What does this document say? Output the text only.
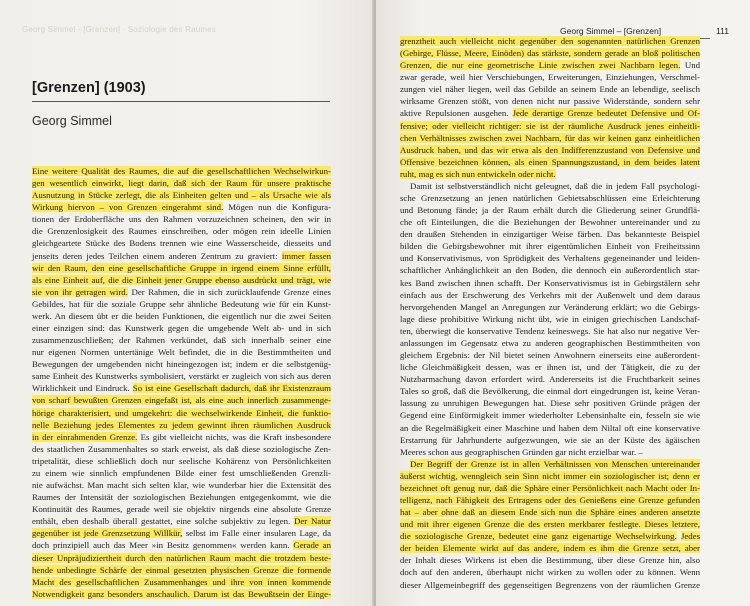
Georg Simmel · [Grenzen] · Soziologie des Raumes
[Grenzen] (1903)
Georg Simmel
Eine weitere Qualität des Raumes, die auf die gesellschaftlichen Wechselwirkun-
gen wesentlich einwirkt, liegt darin, daß sich der Raum für unsere praktische
Ausnutzung in Stücke zerlegt, die als Einheiten gelten und – als Ursache wie als
Wirkung hiervon – von Grenzen eingerahmt sind. Mögen nun die Konfigura-
tionen der Erdoberfläche uns den Rahmen vorzuzeichnen scheinen, den wir in
die Grenzenlosigkeit des Raumes einschreiben, oder mögen rein ideelle Linien
gleichgeartete Stücke des Bodens trennen wie eine Wasserscheide, diesseits und
jenseits deren jedes Teilchen einem anderen Zentrum zu graviert: immer fassen
wir den Raum, den eine gesellschaftliche Gruppe in irgend einem Sinne erfüllt,
als eine Einheit auf, die die Einheit jener Gruppe ebenso ausdrückt und trägt, wie
sie von ihr getragen wird. Der Rahmen, die in sich zurücklaufende Grenze eines
Gebildes, hat für die soziale Gruppe sehr ähnliche Bedeutung wie für ein Kunst-
werk. An diesem übt er die beiden Funktionen, die eigentlich nur die zwei Seiten
einer einzigen sind: das Kunstwerk gegen die umgebende Welt ab- und in sich
zusammenzuschließen; der Rahmen verkündet, daß sich innerhalb seiner eine
nur eigenen Normen untertänige Welt befindet, die in die Bestimmtheiten und
Bewegungen der umgebenden nicht hineingezogen ist; indem er die selbstgenüg-
same Einheit des Kunstwerks symbolisiert, verstärkt er zugleich von sich aus deren
Wirklichkeit und Eindruck. So ist eine Gesellschaft dadurch, daß ihr Existenzraum
von scharf bewußten Grenzen eingefaßt ist, als eine auch innerlich zusammenge-
hörige charakterisiert, und umgekehrt: die wechselwirkende Einheit, die funktio-
nelle Beziehung jedes Elementes zu jedem gewinnt ihren räumlichen Ausdruck
in der einrahmenden Grenze. Es gibt vielleicht nichts, was die Kraft insbesondere
des staatlichen Zusammenhaltes so stark erweist, als daß diese soziologische Zen-
tripetalität, diese schließlich doch nur seelische Kohärenz von Persönlichkeiten
zu einem wie sinnlich empfundenen Bilde einer fest umschließenden Grenzli-
nie aufwächst. Man macht sich selten klar, wie wunderbar hier die Extensität des
Raumes der Intensität der soziologischen Beziehungen entgegenkommt, wie die
Kontinuität des Raumes, gerade weil sie objektiv nirgends eine absolute Grenze
enthält, eben deshalb überall gestattet, eine solche subjektiv zu legen. Der Natur
gegenüber ist jede Grenzsetzung Willkür, selbst im Falle einer insularen Lage, da
doch prinzipiell auch das Meer »in Besitz genommen« werden kann. Gerade an
dieser Unpräjudiziertheit durch den natürlichen Raum macht die trotzdem beste-
hende unbedingte Schärfe der einmal gesetzten physischen Grenze die formende
Macht des gesellschaftlichen Zusammenhanges und ihre von innen kommende
Notwendigkeit ganz besonders anschaulich. Darum ist das Bewußtsein der Einge-
Georg Simmel – [Grenzen]	111
grenztheit auch vielleicht nicht gegenüber den sogenannten natürlichen Grenzen
(Gebirge, Flüsse, Meere, Einöden) das stärkste, sondern gerade an bloß politischen
Grenzen, die nur eine geometrische Linie zwischen zwei Nachbarn legen. Und
zwar gerade, weil hier Verschiebungen, Erweiterungen, Einziehungen, Verschmel-
zungen viel näher liegen, weil das Gebilde an seinem Ende an lebendige, seelisch
wirksame Grenzen stößt, von denen nicht nur passive Widerstände, sondern sehr
aktive Repulsionen ausgehen. Jede derartige Grenze bedeutet Defensive und Of-
fensive; oder vielleicht richtiger: sie ist der räumliche Ausdruck jenes einheitli-
chen Verhältnisses zwischen zwei Nachbarn, für das wir keinen ganz einheitlichen
Ausdruck haben, und das wir etwa als den Indifferenzzustand von Defensive und
Offensive bezeichnen können, als einen Spannungszustand, in dem beides latent
ruht, mag es sich nun entwickeln oder nicht.
Damit ist selbstverständlich nicht geleugnet, daß die in jedem Fall psychologi-
sche Grenzsetzung an jenen natürlichen Gebietsabschlüssen eine Erleichterung
und Betonung fände; ja der Raum erhält durch die Gliederung seiner Grundflä-
che oft Einteilungen, die die Beziehungen der Bewohner untereinander und zu
den draußen Stehenden in einzigartiger Weise färben. Das bekannteste Beispiel
bilden die Gebirgsbewohner mit ihrer eigentümlichen Einheit von Freiheitssinn
und Konservativismus, von Sprödigkeit des Verhaltens gegeneinander und leiden-
schaftlicher Anhänglichkeit an den Boden, die dennoch ein außerordentlich star-
kes Band zwischen ihnen schafft. Der Konservativismus ist in Gebirgstälern sehr
einfach aus der Erschwerung des Verkehrs mit der Außenwelt und dem daraus
hervorgehenden Mangel an Anregungen zur Veränderung erklärt; wo die Gebirgs-
lage diese prohibitive Wirkung nicht übt, wie in einigen griechischen Landschaf-
ten, überwiegt die konservative Tendenz keineswegs. Sie hat also nur negative Ver-
anlassungen im Gegensatz etwa zu anderen geographischen Bestimmtheiten von
gleichem Ergebnis: der Nil bietet seinen Anwohnern einerseits eine außerordent-
liche Gleichmäßigkeit dessen, was er ihnen ist, und der Tätigkeit, die zu der
Nutzbarmachung davon erfordert wird. Andererseits ist die Fruchtbarkeit seines
Tales so groß, daß die Bevölkerung, die einmal dort eingedrungen ist, keine Veran-
lassung zu unruhigen Bewegungen hat. Diese sehr positiven Gründe prägen der
Gegend eine Einförmigkeit immer wiederholter Lebensinhalte ein, fesseln sie wie
an die Regelmäßigkeit einer Maschine und haben dem Niltal oft eine konservative
Erstarrung für Jahrhunderte aufgezwungen, wie sie an der Küste des ägäischen
Meeres schon aus geographischen Gründen gar nicht erzielbar war. –
Der Begriff der Grenze ist in allen Verhältnissen von Menschen untereinander
äußerst wichtig, wenngleich sein Sinn nicht immer ein soziologischer ist; denn er
bezeichnet oft genug nur, daß die Sphäre einer Persönlichkeit nach Macht oder In-
telligenz, nach Fähigkeit des Ertragens oder des Genießens eine Grenze gefunden
hat – aber ohne daß an diesem Ende sich nun die Sphäre eines anderen ansetzte
und mit ihrer eigenen Grenze die des ersten merkbarer festlegte. Dieses letztere,
die soziologische Grenze, bedeutet eine ganz eigenartige Wechselwirkung. Jedes
der beiden Elemente wirkt auf das andere, indem es ihm die Grenze setzt, aber
der Inhalt dieses Wirkens ist eben die Bestimmung, über diese Grenze hin, also
doch auf den anderen, überhaupt nicht wirken zu wollen oder zu können. Wenn
dieser Allgemeinbegriff des gegenseitigen Begrenzens von der räumlichen Grenze
